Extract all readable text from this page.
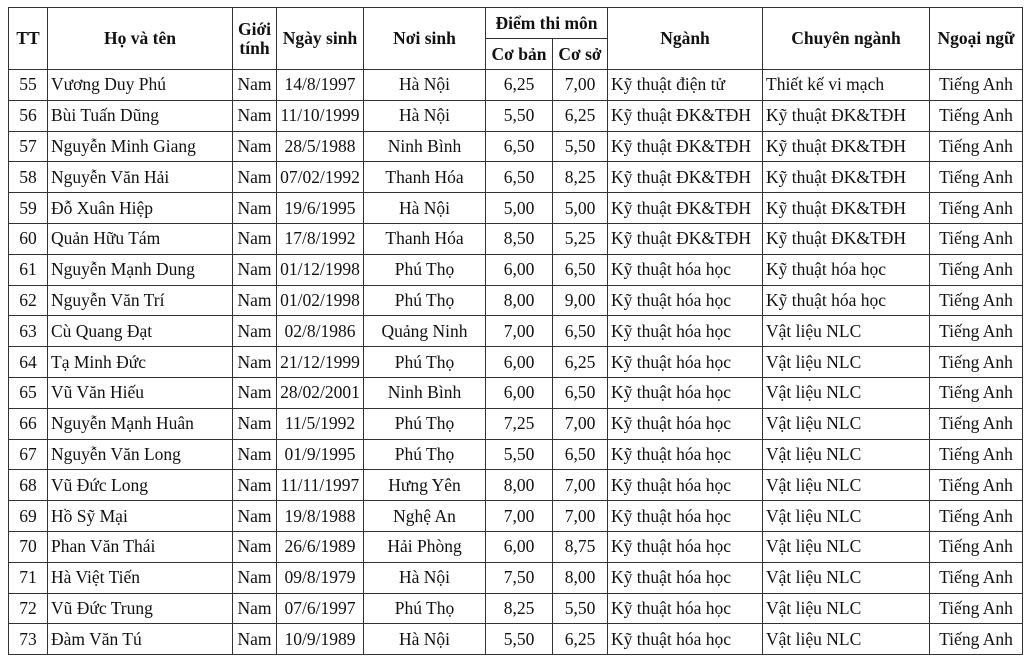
TT	Họ và tên	Giới tính	Ngày sinh	Nơi sinh	Điểm thi môn		Ngành	Chuyên ngành	Ngoại ngữ
					Cơ bản	Cơ sở			
55	Vương Duy Phú	Nam	14/8/1997	Hà Nội	6,25	7,00	Kỹ thuật điện tử	Thiết kế vi mạch	Tiếng Anh
56	Bùi Tuấn Dũng	Nam	11/10/1999	Hà Nội	5,50	6,25	Kỹ thuật ĐK&TĐH	Kỹ thuật ĐK&TĐH	Tiếng Anh
57	Nguyễn Minh Giang	Nam	28/5/1988	Ninh Bình	6,50	5,50	Kỹ thuật ĐK&TĐH	Kỹ thuật ĐK&TĐH	Tiếng Anh
58	Nguyễn Văn Hải	Nam	07/02/1992	Thanh Hóa	6,50	8,25	Kỹ thuật ĐK&TĐH	Kỹ thuật ĐK&TĐH	Tiếng Anh
59	Đỗ Xuân Hiệp	Nam	19/6/1995	Hà Nội	5,00	5,00	Kỹ thuật ĐK&TĐH	Kỹ thuật ĐK&TĐH	Tiếng Anh
60	Quản Hữu Tám	Nam	17/8/1992	Thanh Hóa	8,50	5,25	Kỹ thuật ĐK&TĐH	Kỹ thuật ĐK&TĐH	Tiếng Anh
61	Nguyễn Mạnh Dung	Nam	01/12/1998	Phú Thọ	6,00	6,50	Kỹ thuật hóa học	Kỹ thuật hóa học	Tiếng Anh
62	Nguyễn Văn Trí	Nam	01/02/1998	Phú Thọ	8,00	9,00	Kỹ thuật hóa học	Kỹ thuật hóa học	Tiếng Anh
63	Cù Quang Đạt	Nam	02/8/1986	Quảng Ninh	7,00	6,50	Kỹ thuật hóa học	Vật liệu NLC	Tiếng Anh
64	Tạ Minh Đức	Nam	21/12/1999	Phú Thọ	6,00	6,25	Kỹ thuật hóa học	Vật liệu NLC	Tiếng Anh
65	Vũ Văn Hiếu	Nam	28/02/2001	Ninh Bình	6,00	6,50	Kỹ thuật hóa học	Vật liệu NLC	Tiếng Anh
66	Nguyễn Mạnh Huân	Nam	11/5/1992	Phú Thọ	7,25	7,00	Kỹ thuật hóa học	Vật liệu NLC	Tiếng Anh
67	Nguyễn Văn Long	Nam	01/9/1995	Phú Thọ	5,50	6,50	Kỹ thuật hóa học	Vật liệu NLC	Tiếng Anh
68	Vũ Đức Long	Nam	11/11/1997	Hưng Yên	8,00	7,00	Kỹ thuật hóa học	Vật liệu NLC	Tiếng Anh
69	Hồ Sỹ Mại	Nam	19/8/1988	Nghệ An	7,00	7,00	Kỹ thuật hóa học	Vật liệu NLC	Tiếng Anh
70	Phan Văn Thái	Nam	26/6/1989	Hải Phòng	6,00	8,75	Kỹ thuật hóa học	Vật liệu NLC	Tiếng Anh
71	Hà Việt Tiến	Nam	09/8/1979	Hà Nội	7,50	8,00	Kỹ thuật hóa học	Vật liệu NLC	Tiếng Anh
72	Vũ Đức Trung	Nam	07/6/1997	Phú Thọ	8,25	5,50	Kỹ thuật hóa học	Vật liệu NLC	Tiếng Anh
73	Đàm Văn Tú	Nam	10/9/1989	Hà Nội	5,50	6,25	Kỹ thuật hóa học	Vật liệu NLC	Tiếng Anh
